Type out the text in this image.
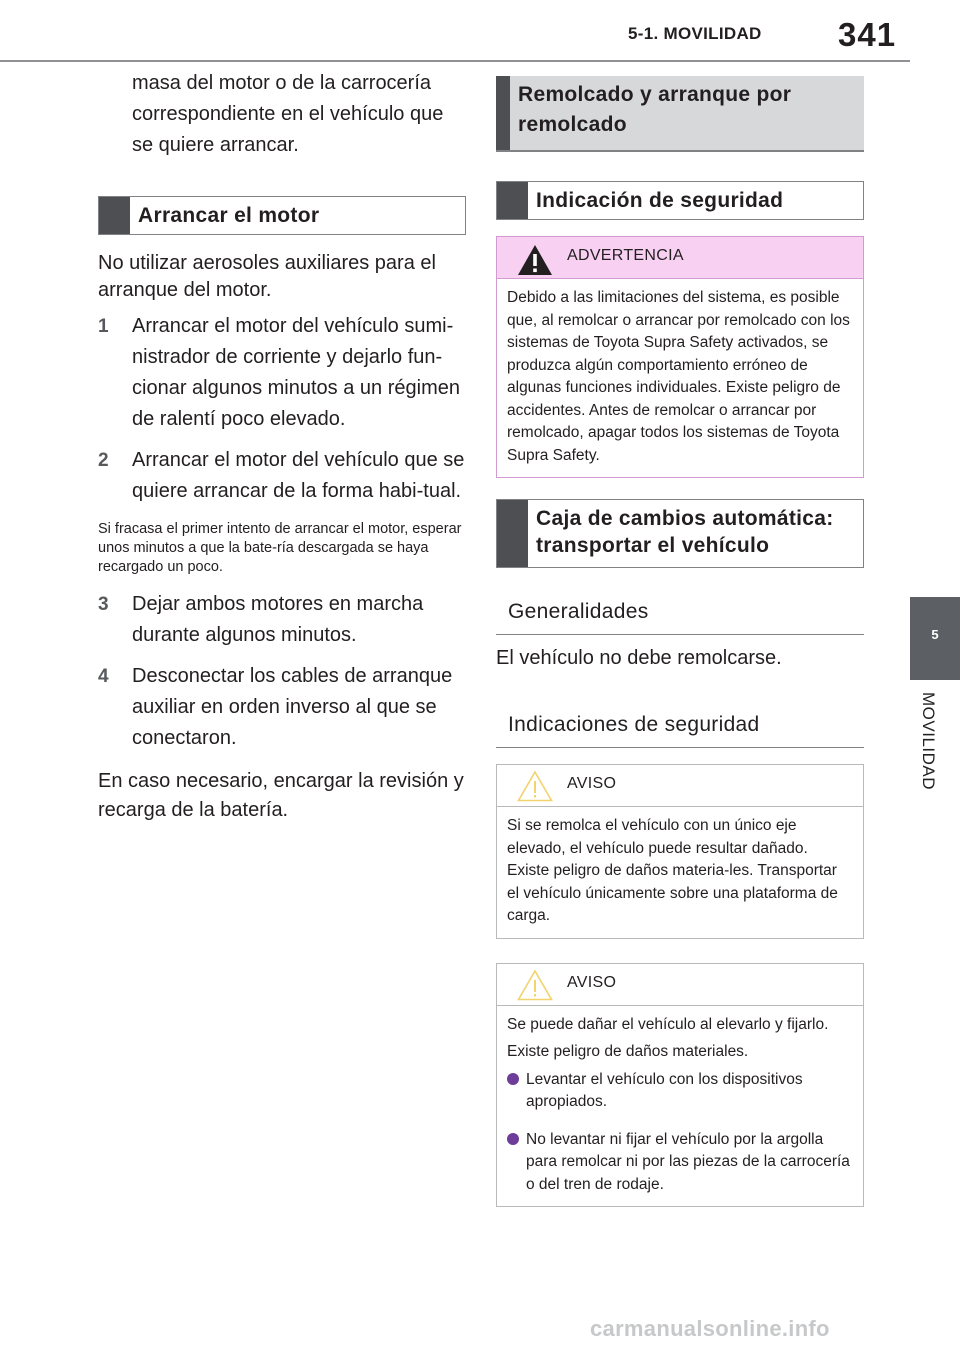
5-1. MOVILIDAD 341
5
MOVILIDAD
masa del motor o de la carrocería
correspondiente en el vehículo que
se quiere arrancar.
Arrancar el motor

No utilizar aerosoles auxiliares para el arranque del motor.

1	Arrancar el motor del vehículo sumi-nistrador de corriente y dejarlo fun-cionar algunos minutos a un régimen de ralentí poco elevado.
2	Arrancar el motor del vehículo que se quiere arrancar de la forma habi-tual.

Si fracasa el primer intento de arrancar el motor, esperar unos minutos a que la bate-ría descargada se haya recargado un poco.

3	Dejar ambos motores en marcha durante algunos minutos.
4	Desconectar los cables de arranque auxiliar en orden inverso al que se conectaron.

En caso necesario, encargar la revisión y recarga de la batería.

Remolcado y arranque por remolcado
Indicación de seguridad
ADVERTENCIA
Debido a las limitaciones del sistema, es posible que, al remolcar o arrancar por remolcado con los sistemas de Toyota Supra Safety activados, se produzca algún comportamiento erróneo de algunas funciones individuales. Existe peligro de accidentes. Antes de remolcar o arrancar por remolcado, apagar todos los sistemas de Toyota Supra Safety.
Caja de cambios automática: transportar el vehículo
Generalidades

El vehículo no debe remolcarse.

Indicaciones de seguridad
AVISO
Si se remolca el vehículo con un único eje elevado, el vehículo puede resultar dañado. Existe peligro de daños materia-les. Transportar el vehículo únicamente sobre una plataforma de carga.
AVISO

Se puede dañar el vehículo al elevarlo y fijarlo.

Existe peligro de daños materiales.

Levantar el vehículo con los dispositivos apropiados.
No levantar ni fijar el vehículo por la argolla para remolcar ni por las piezas de la carrocería o del tren de rodaje.
carmanualsonline.info
